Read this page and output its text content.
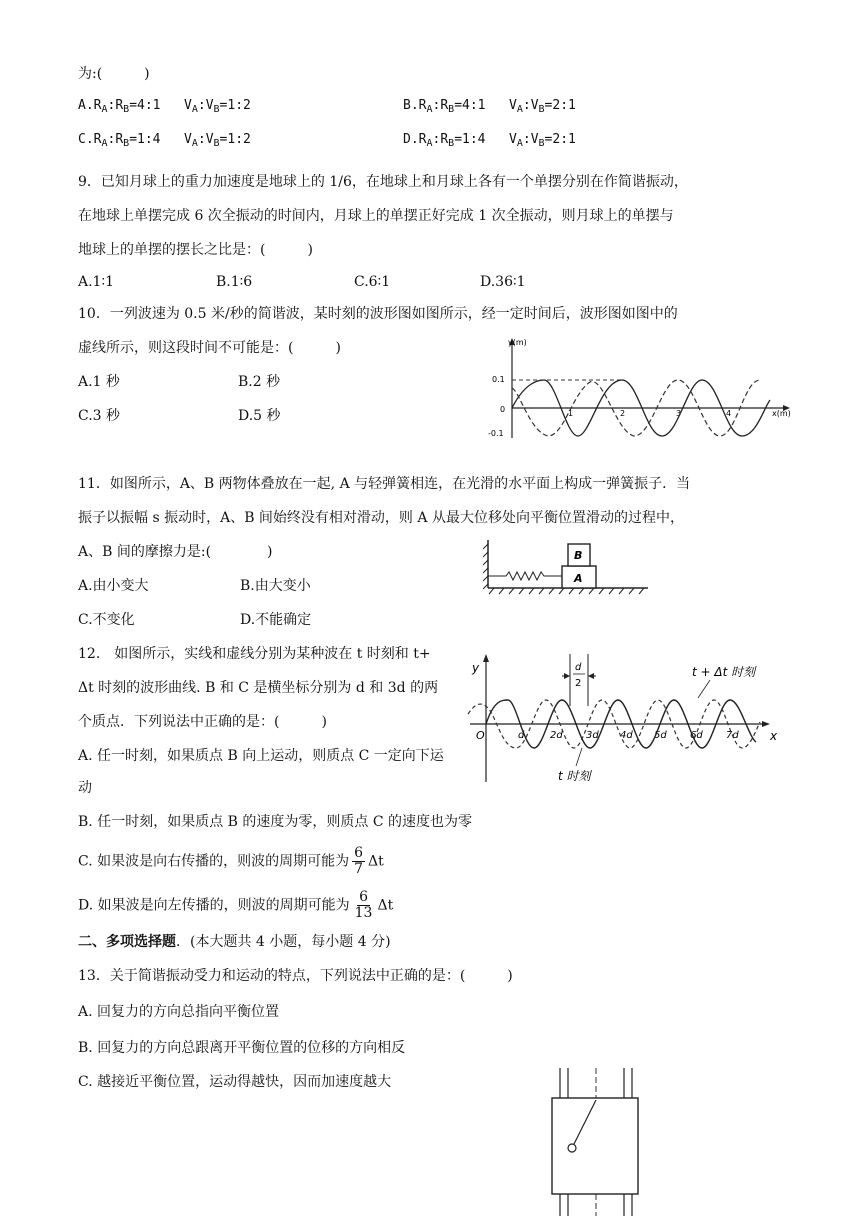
为:(　　　)
$A.R_A:R_B=4:1$ $V_A:V_B=1:2$	$B.R_A:R_B=4:1$ $V_A:V_B=2:1$
$C.R_A:R_B=1:4$ $V_A:V_B=1:2$	$D.R_A:R_B=1:4$ $V_A:V_B=2:1$
9．已知月球上的重力加速度是地球上的 1/6，在地球上和月球上各有一个单摆分别在作简谐振动，
在地球上单摆完成 6 次全振动的时间内，月球上的单摆正好完成 1 次全振动，则月球上的单摆与
地球上的单摆的摆长之比是：(　　　)
A.1∶1	B.1∶6	C.6∶1	D.36∶1
10．一列波速为 0.5 米/秒的简谐波，某时刻的波形图如图所示，经一定时间后，波形图如图中的
虚线所示，则这段时间不可能是：(　　　)
A.1 秒	B.2 秒
C.3 秒	D.5 秒
y(m)
x(m)
0.1
-0.1
0	1	2	3	4
11．如图所示，A、B 两物体叠放在一起, A 与轻弹簧相连，在光滑的水平面上构成一弹簧振子．当
振子以振幅 s 振动时，A、B 间始终没有相对滑动，则 A 从最大位移处向平衡位置滑动的过程中，
A、B 间的摩擦力是:(　　　　)
A.由小变大	B.由大变小
C.不变化	D.不能确定
A
B
12． 如图所示，实线和虚线分别为某种波在 t 时刻和 t+
Δt 时刻的波形曲线. B 和 C 是横坐标分别为 d 和 3d 的两
个质点．下列说法中正确的是：(　　　)
A. 任一时刻，如果质点 B 向上运动，则质点 C 一定向下运
动
B. 任一时刻，如果质点 B 的速度为零，则质点 C 的速度也为零
C. 如果波是向右传播的，则波的周期可能为 $\frac{6}{7}$ Δt
D. 如果波是向左传播的，则波的周期可能为 $\frac{6}{13}$ Δt
y
x
O	d	2d 3d 4d 5d 6d 7d
d
2
t + Δt 时刻
t 时刻
二、多项选择题．(本大题共 4 小题，每小题 4 分)
13．关于简谐振动受力和运动的特点，下列说法中正确的是：(　　　)
A. 回复力的方向总指向平衡位置
B. 回复力的方向总跟离开平衡位置的位移的方向相反
C. 越接近平衡位置，运动得越快，因而加速度越大
